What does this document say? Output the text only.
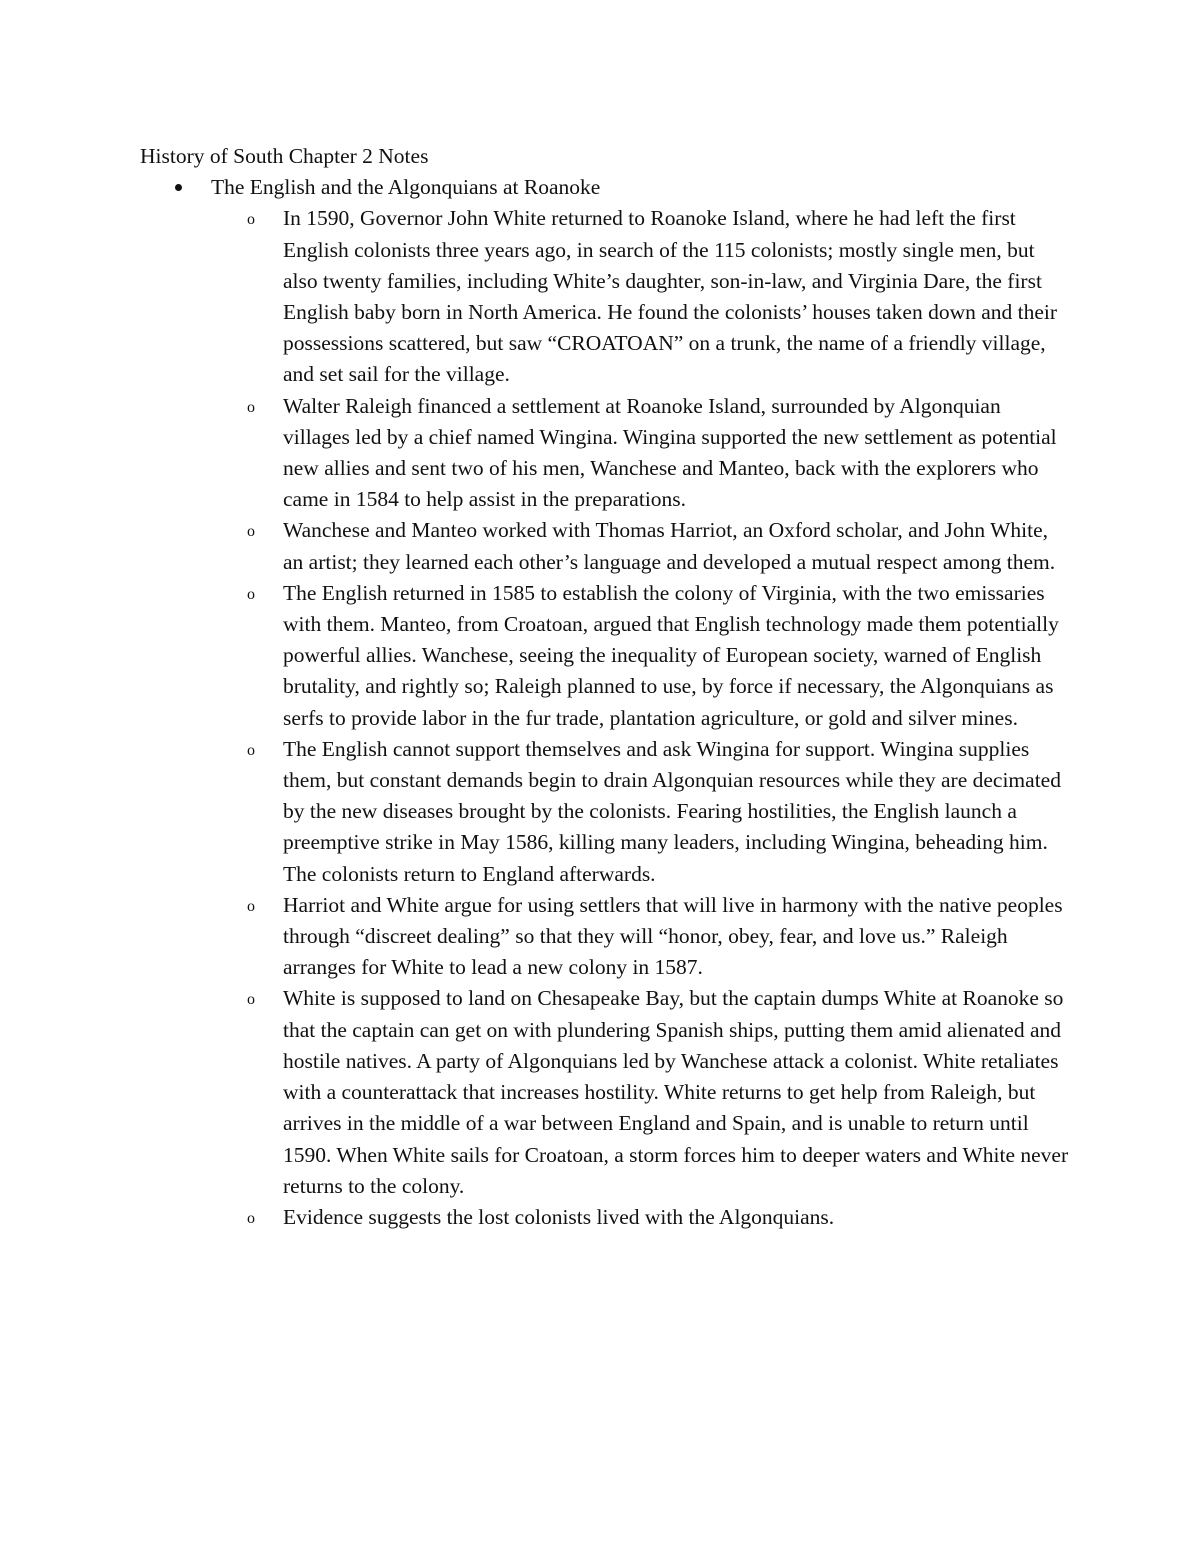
History of South Chapter 2 Notes
The English and the Algonquians at Roanoke
o In 1590, Governor John White returned to Roanoke Island, where he had left the first English colonists three years ago, in search of the 115 colonists; mostly single men, but also twenty families, including White’s daughter, son-in-law, and Virginia Dare, the first English baby born in North America. He found the colonists’ houses taken down and their possessions scattered, but saw “CROATOAN” on a trunk, the name of a friendly village, and set sail for the village.
o Walter Raleigh financed a settlement at Roanoke Island, surrounded by Algonquian villages led by a chief named Wingina. Wingina supported the new settlement as potential new allies and sent two of his men, Wanchese and Manteo, back with the explorers who came in 1584 to help assist in the preparations.
o Wanchese and Manteo worked with Thomas Harriot, an Oxford scholar, and John White, an artist; they learned each other’s language and developed a mutual respect among them.
o The English returned in 1585 to establish the colony of Virginia, with the two emissaries with them. Manteo, from Croatoan, argued that English technology made them potentially powerful allies. Wanchese, seeing the inequality of European society, warned of English brutality, and rightly so; Raleigh planned to use, by force if necessary, the Algonquians as serfs to provide labor in the fur trade, plantation agriculture, or gold and silver mines.
o The English cannot support themselves and ask Wingina for support. Wingina supplies them, but constant demands begin to drain Algonquian resources while they are decimated by the new diseases brought by the colonists. Fearing hostilities, the English launch a preemptive strike in May 1586, killing many leaders, including Wingina, beheading him. The colonists return to England afterwards.
o Harriot and White argue for using settlers that will live in harmony with the native peoples through “discreet dealing” so that they will “honor, obey, fear, and love us.” Raleigh arranges for White to lead a new colony in 1587.
o White is supposed to land on Chesapeake Bay, but the captain dumps White at Roanoke so that the captain can get on with plundering Spanish ships, putting them amid alienated and hostile natives. A party of Algonquians led by Wanchese attack a colonist. White retaliates with a counterattack that increases hostility. White returns to get help from Raleigh, but arrives in the middle of a war between England and Spain, and is unable to return until 1590. When White sails for Croatoan, a storm forces him to deeper waters and White never returns to the colony.
o Evidence suggests the lost colonists lived with the Algonquians.
